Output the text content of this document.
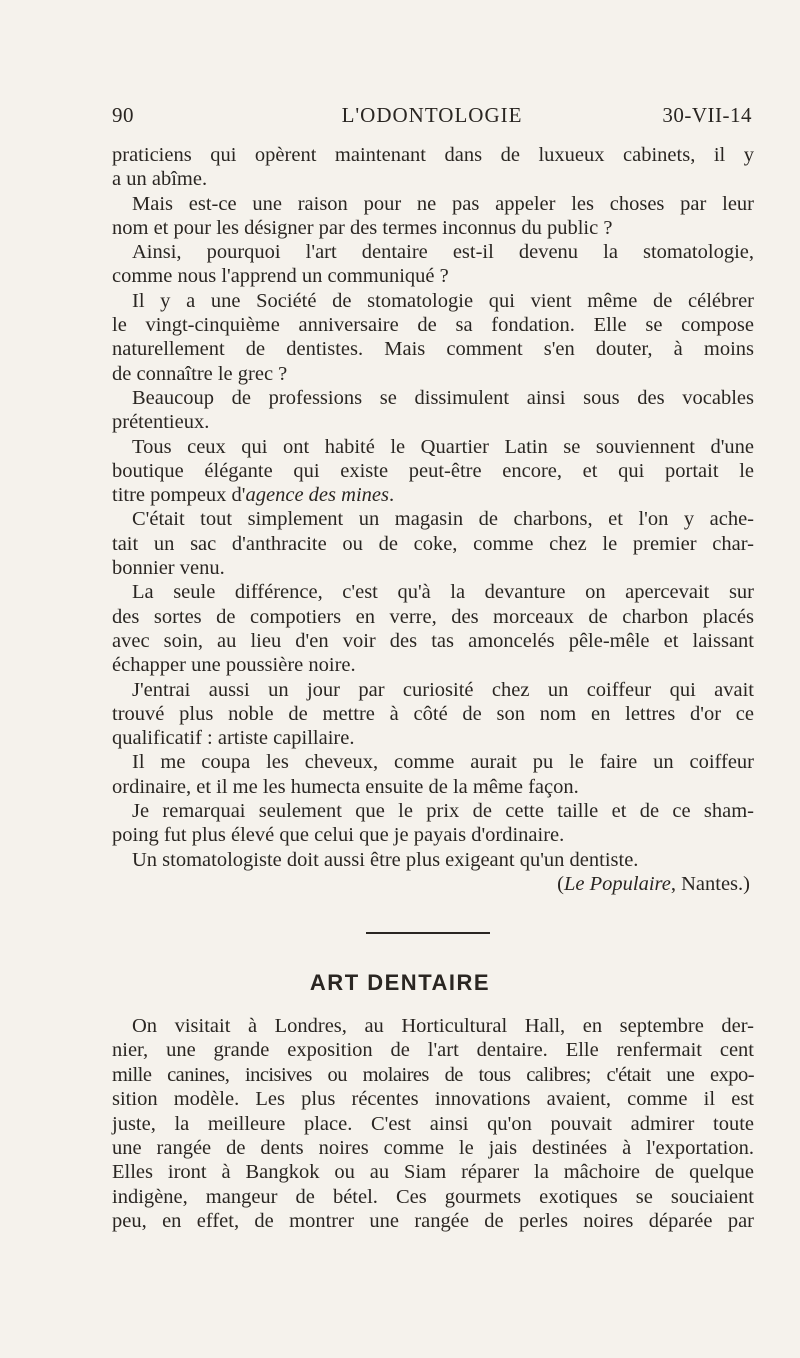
L'ODONTOLOGIE
90	30-VII-14
praticiens qui opèrent maintenant dans de luxueux cabinets, il y
a un abîme.
Mais est-ce une raison pour ne pas appeler les choses par leur
nom et pour les désigner par des termes inconnus du public ?
Ainsi, pourquoi l'art dentaire est-il devenu la stomatologie,
comme nous l'apprend un communiqué ?
Il y a une Société de stomatologie qui vient même de célébrer
le vingt-cinquième anniversaire de sa fondation. Elle se compose
naturellement de dentistes. Mais comment s'en douter, à moins
de connaître le grec ?
Beaucoup de professions se dissimulent ainsi sous des vocables
prétentieux.
Tous ceux qui ont habité le Quartier Latin se souviennent d'une
boutique élégante qui existe peut-être encore, et qui portait le
titre pompeux d'agence des mines.
C'était tout simplement un magasin de charbons, et l'on y ache-
tait un sac d'anthracite ou de coke, comme chez le premier char-
bonnier venu.
La seule différence, c'est qu'à la devanture on apercevait sur
des sortes de compotiers en verre, des morceaux de charbon placés
avec soin, au lieu d'en voir des tas amoncelés pêle-mêle et laissant
échapper une poussière noire.
J'entrai aussi un jour par curiosité chez un coiffeur qui avait
trouvé plus noble de mettre à côté de son nom en lettres d'or ce
qualificatif : artiste capillaire.
Il me coupa les cheveux, comme aurait pu le faire un coiffeur
ordinaire, et il me les humecta ensuite de la même façon.
Je remarquai seulement que le prix de cette taille et de ce sham-
poing fut plus élevé que celui que je payais d'ordinaire.
Un stomatologiste doit aussi être plus exigeant qu'un dentiste.
(Le Populaire, Nantes.)
ART DENTAIRE
On visitait à Londres, au Horticultural Hall, en septembre der-
nier, une grande exposition de l'art dentaire. Elle renfermait cent
mille canines, incisives ou molaires de tous calibres; c'était une expo-
sition modèle. Les plus récentes innovations avaient, comme il est
juste, la meilleure place. C'est ainsi qu'on pouvait admirer toute
une rangée de dents noires comme le jais destinées à l'exportation.
Elles iront à Bangkok ou au Siam réparer la mâchoire de quelque
indigène, mangeur de bétel. Ces gourmets exotiques se souciaient
peu, en effet, de montrer une rangée de perles noires déparée par
